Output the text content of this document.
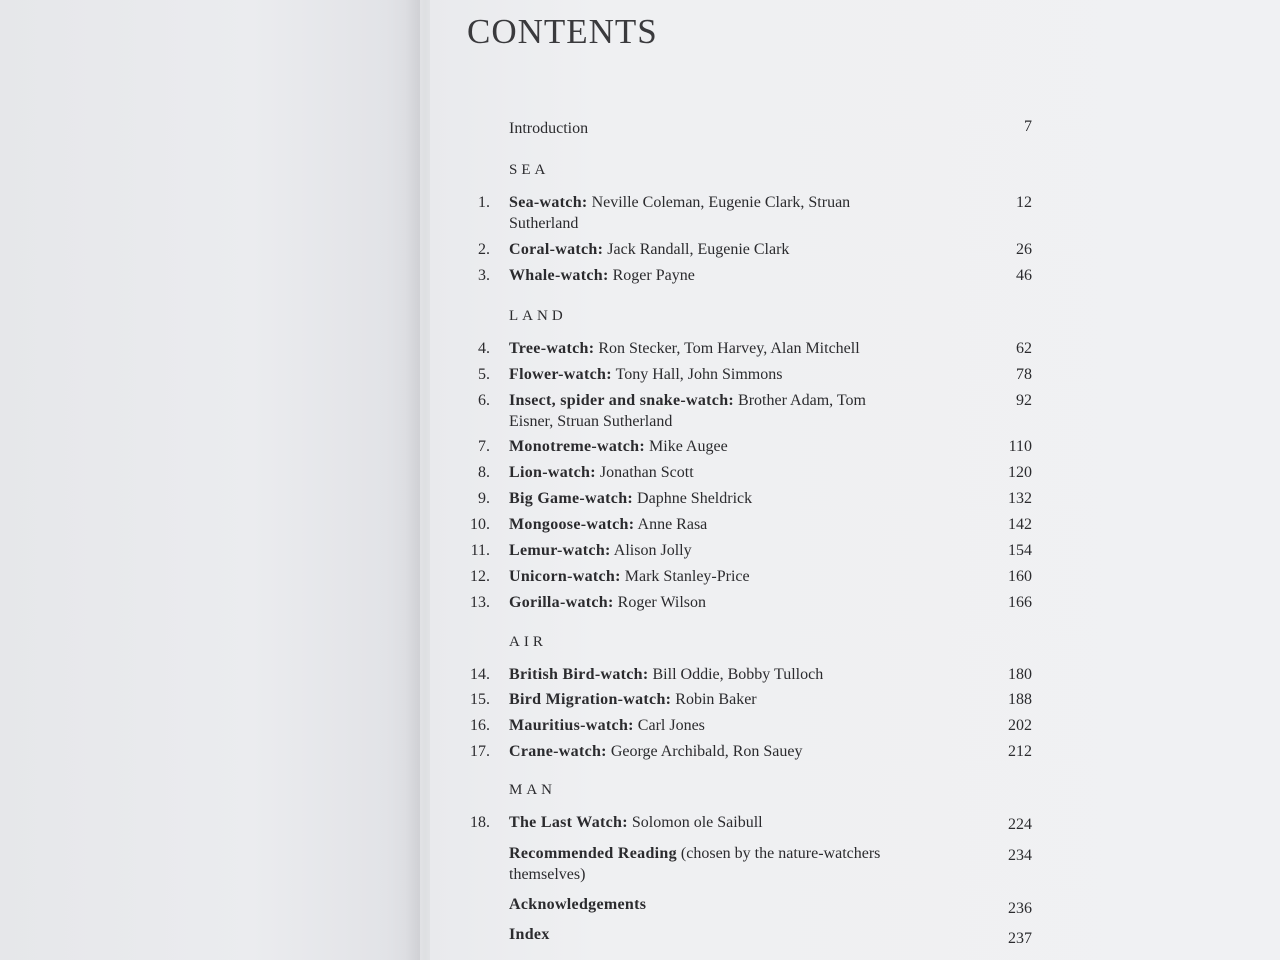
CONTENTS
Introduction	7
SEA
1. Sea-watch: Neville Coleman, Eugenie Clark, Struan	12
Sutherland
2. Coral-watch: Jack Randall, Eugenie Clark	26
3. Whale-watch: Roger Payne	46
LAND
4. Tree-watch: Ron Stecker, Tom Harvey, Alan Mitchell	62
5. Flower-watch: Tony Hall, John Simmons	78
6. Insect, spider and snake-watch: Brother Adam, Tom	92
Eisner, Struan Sutherland
7. Monotreme-watch: Mike Augee	110
8. Lion-watch: Jonathan Scott	120
9. Big Game-watch: Daphne Sheldrick	132
10. Mongoose-watch: Anne Rasa	142
11. Lemur-watch: Alison Jolly	154
12. Unicorn-watch: Mark Stanley-Price	160
13. Gorilla-watch: Roger Wilson	166
AIR
14. British Bird-watch: Bill Oddie, Bobby Tulloch	180
15. Bird Migration-watch: Robin Baker	188
16. Mauritius-watch: Carl Jones	202
17. Crane-watch: George Archibald, Ron Sauey	212
MAN
18. The Last Watch: Solomon ole Saibull	224
Recommended Reading (chosen by the nature-watchers	234
themselves)
Acknowledgements	236
Index	237
